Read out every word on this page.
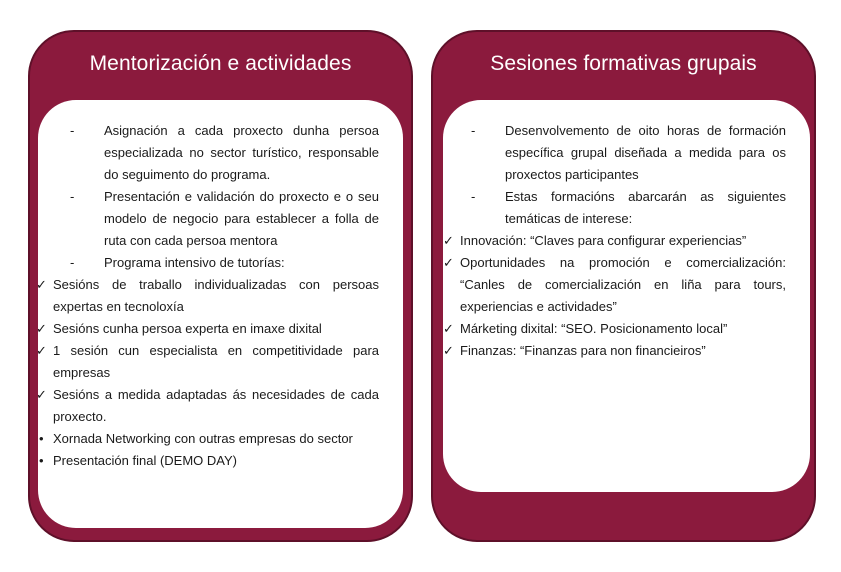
Mentorización e actividades
- Asignación a cada proxecto dunha persoa especializada no sector turístico, responsable do seguimento do programa.
- Presentación e validación do proxecto e o seu modelo de negocio para establecer a folla de ruta con cada persoa mentora
- Programa intensivo de tutorías:
✓ Sesións de traballo individualizadas con persoas expertas en tecnoloxía
✓ Sesións cunha persoa experta en imaxe dixital
✓ 1 sesión cun especialista en competitividade para empresas
✓ Sesións a medida adaptadas ás necesidades de cada proxecto.
• Xornada Networking con outras empresas do sector
• Presentación final (DEMO DAY)
Sesiones formativas grupais
- Desenvolvemento de oito horas de formación específica grupal diseñada a medida para os proxectos participantes
- Estas formacións abarcarán as siguientes temáticas de interese:
✓ Innovación: “Claves para configurar experiencias”
✓ Oportunidades na promoción e comercialización: “Canles de comercialización en liña para tours, experiencias e actividades”
✓ Márketing dixital: “SEO. Posicionamento local”
✓ Finanzas: “Finanzas para non financieiros”
